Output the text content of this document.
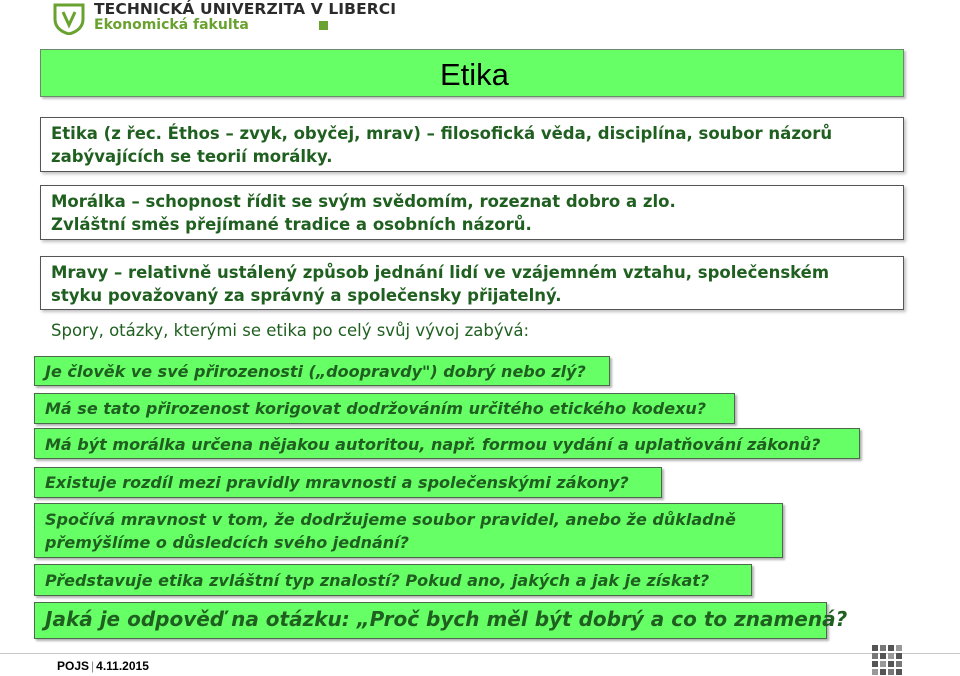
TECHNICKÁ UNIVERZITA V LIBERCI
Ekonomická fakulta
Etika
Etika (z řec. Éthos – zvyk, obyčej, mrav) – filosofická věda, disciplína, soubor názorů
zabývajících se teorií morálky.
Morálka – schopnost řídit se svým svědomím, rozeznat dobro a zlo.
Zvláštní směs přejímané tradice a osobních názorů.
Mravy – relativně ustálený způsob jednání lidí ve vzájemném vztahu, společenském
styku považovaný za správný a společensky přijatelný.
Spory, otázky, kterými se etika po celý svůj vývoj zabývá:
Je člověk ve své přirozenosti („doopravdy") dobrý nebo zlý?
Má se tato přirozenost korigovat dodržováním určitého etického kodexu?
Má být morálka určena nějakou autoritou, např. formou vydání a uplatňování zákonů?
Existuje rozdíl mezi pravidly mravnosti a společenskými zákony?
Spočívá mravnost v tom, že dodržujeme soubor pravidel, anebo že důkladně
přemýšlíme o důsledcích svého jednání?
Představuje etika zvláštní typ znalostí? Pokud ano, jakých a jak je získat?
Jaká je odpověď na otázku: „Proč bych měl být dobrý a co to znamená?
POJS | 4.11.2015
